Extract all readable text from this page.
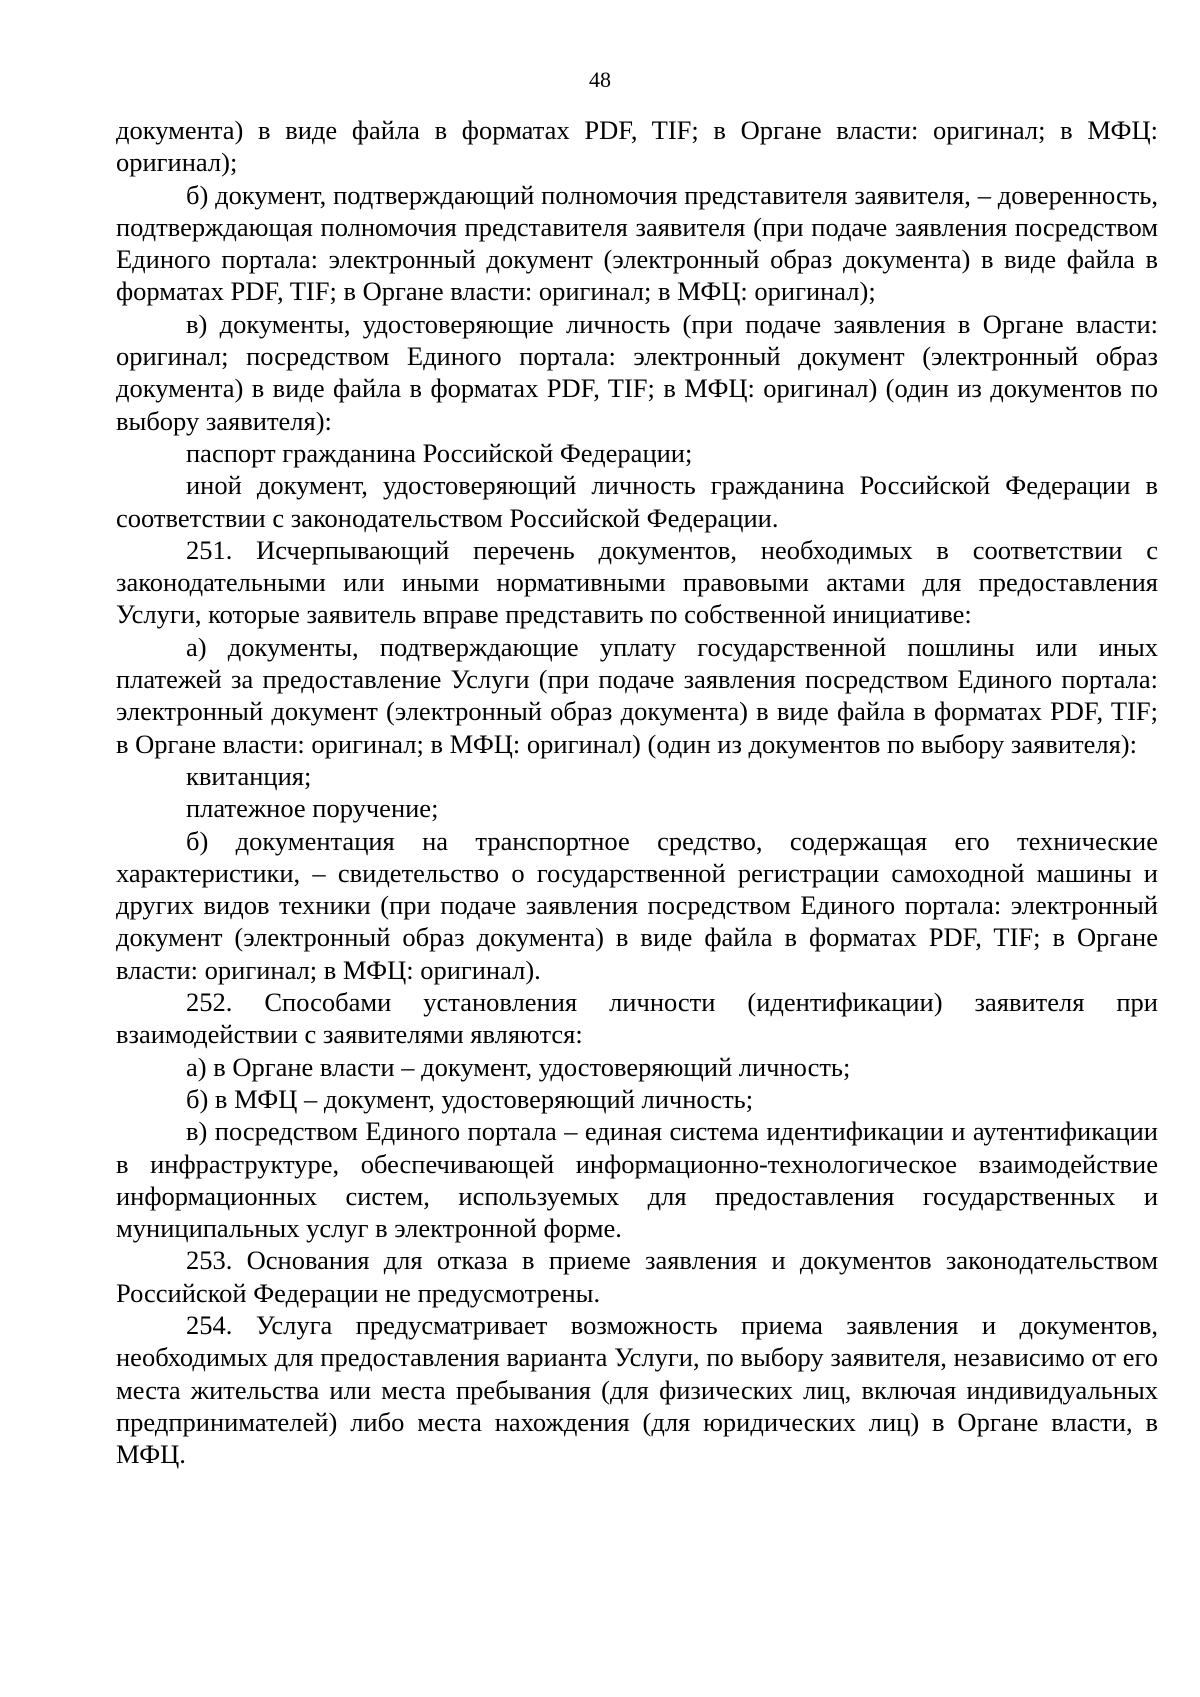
48

документа) в виде файла в форматах PDF, TIF; в Органе власти: оригинал; в МФЦ: оригинал);

б) документ, подтверждающий полномочия представителя заявителя, – доверенность, подтверждающая полномочия представителя заявителя (при подаче заявления посредством Единого портала: электронный документ (электронный образ документа) в виде файла в форматах PDF, TIF; в Органе власти: оригинал; в МФЦ: оригинал);

в) документы, удостоверяющие личность (при подаче заявления в Органе власти: оригинал; посредством Единого портала: электронный документ (электронный образ документа) в виде файла в форматах PDF, TIF; в МФЦ: оригинал) (один из документов по выбору заявителя):

паспорт гражданина Российской Федерации;

иной документ, удостоверяющий личность гражданина Российской Федерации в соответствии с законодательством Российской Федерации.

251. Исчерпывающий перечень документов, необходимых в соответствии с законодательными или иными нормативными правовыми актами для предоставления Услуги, которые заявитель вправе представить по собственной инициативе:

а) документы, подтверждающие уплату государственной пошлины или иных платежей за предоставление Услуги (при подаче заявления посредством Единого портала: электронный документ (электронный образ документа) в виде файла в форматах PDF, TIF; в Органе власти: оригинал; в МФЦ: оригинал) (один из документов по выбору заявителя):

квитанция;

платежное поручение;

б) документация на транспортное средство, содержащая его технические характеристики, – свидетельство о государственной регистрации самоходной машины и других видов техники (при подаче заявления посредством Единого портала: электронный документ (электронный образ документа) в виде файла в форматах PDF, TIF; в Органе власти: оригинал; в МФЦ: оригинал).

252. Способами установления личности (идентификации) заявителя при взаимодействии с заявителями являются:

а) в Органе власти – документ, удостоверяющий личность;

б) в МФЦ – документ, удостоверяющий личность;

в) посредством Единого портала – единая система идентификации и аутентификации в инфраструктуре, обеспечивающей информационно-технологическое взаимодействие информационных систем, используемых для предоставления государственных и муниципальных услуг в электронной форме.

253. Основания для отказа в приеме заявления и документов законодательством Российской Федерации не предусмотрены.

254. Услуга предусматривает возможность приема заявления и документов, необходимых для предоставления варианта Услуги, по выбору заявителя, независимо от его места жительства или места пребывания (для физических лиц, включая индивидуальных предпринимателей) либо места нахождения (для юридических лиц) в Органе власти, в МФЦ.
